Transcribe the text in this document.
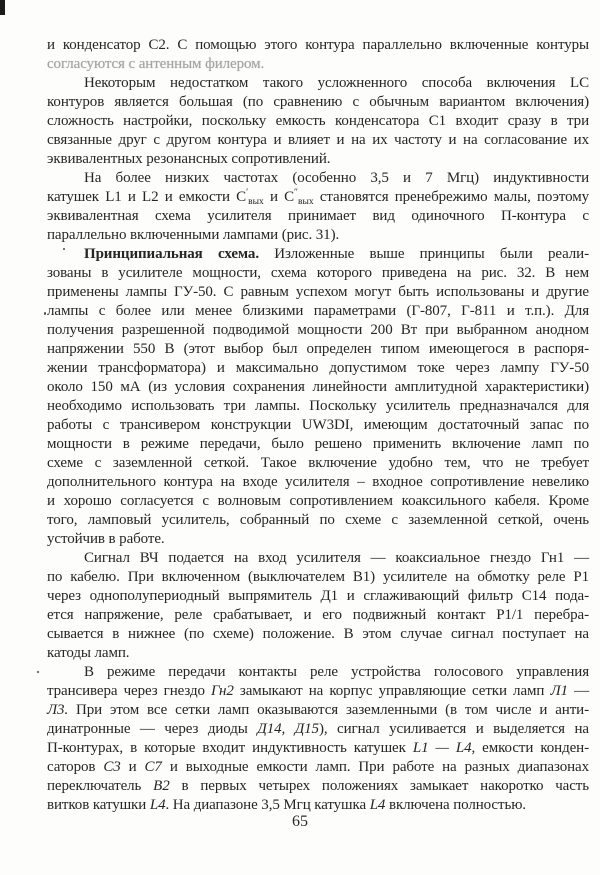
и конденсатор С2. С помощью этого контура параллельно включенные контуры
согласуются с антенным филером.
Некоторым недостатком такого усложненного способа включения LC
контуров является большая (по сравнению с обычным вариантом включения)
сложность настройки, поскольку емкость конденсатора С1 входит сразу в три
связанные друг с другом контура и влияет и на их частоту и на согласование их
эквивалентных резонансных сопротивлений.
На более низких частотах (особенно 3,5 и 7 Мгц) индуктивности
катушек L1 и L2 и емкости $С'_{вых}$ и $С''_{вых}$ становятся пренебрежимо малы, поэтому
эквивалентная схема усилителя принимает вид одиночного П-контура с
параллельно включенными лампами (рис. 31).
Принципиальная схема. Изложенные выше принципы были реали-
зованы в усилителе мощности, схема которого приведена на рис. 32. В нем
применены лампы ГУ-50. С равным успехом могут быть использованы и другие
лампы с более или менее близкими параметрами (Г-807, Г-811 и т.п.). Для
получения разрешенной подводимой мощности 200 Вт при выбранном анодном
напряжении 550 В (этот выбор был определен типом имеющегося в распоря-
жении трансформатора) и максимально допустимом токе через лампу ГУ-50
около 150 мА (из условия сохранения линейности амплитудной характеристики)
необходимо использовать три лампы. Поскольку усилитель предназначался для
работы с трансивером конструкции UW3DI, имеющим достаточный запас по
мощности в режиме передачи, было решено применить включение ламп по
схеме с заземленной сеткой. Такое включение удобно тем, что не требует
дополнительного контура на входе усилителя – входное сопротивление невелико
и хорошо согласуется с волновым сопротивлением коаксильного кабеля. Кроме
того, ламповый усилитель, собранный по схеме с заземленной сеткой, очень
устойчив в работе.
Сигнал ВЧ подается на вход усилителя — коаксиальное гнездо Гн1 —
по кабелю. При включенном (выключателем В1) усилителе на обмотку реле Р1
через однополупериодный выпрямитель Д1 и сглаживающий фильтр С14 пода-
ется напряжение, реле срабатывает, и его подвижный контакт Р1/1 перебра-
сывается в нижнее (по схеме) положение. В этом случае сигнал поступает на
катоды ламп.
В режиме передачи контакты реле устройства голосового управления
трансивера через гнездо Гн2 замыкают на корпус управляющие сетки ламп Л1 —
Л3. При этом все сетки ламп оказываются заземленными (в том числе и анти-
динатронные — через диоды Д14, Д15), сигнал усиливается и выделяется на
П-контурах, в которые входит индуктивность катушек L1 — L4, емкости конден-
саторов С3 и С7 и выходные емкости ламп. При работе на разных диапазонах
переключатель В2 в первых четырех положениях замыкает накоротко часть
витков катушки L4. На диапазоне 3,5 Мгц катушка L4 включена полностью.
65
